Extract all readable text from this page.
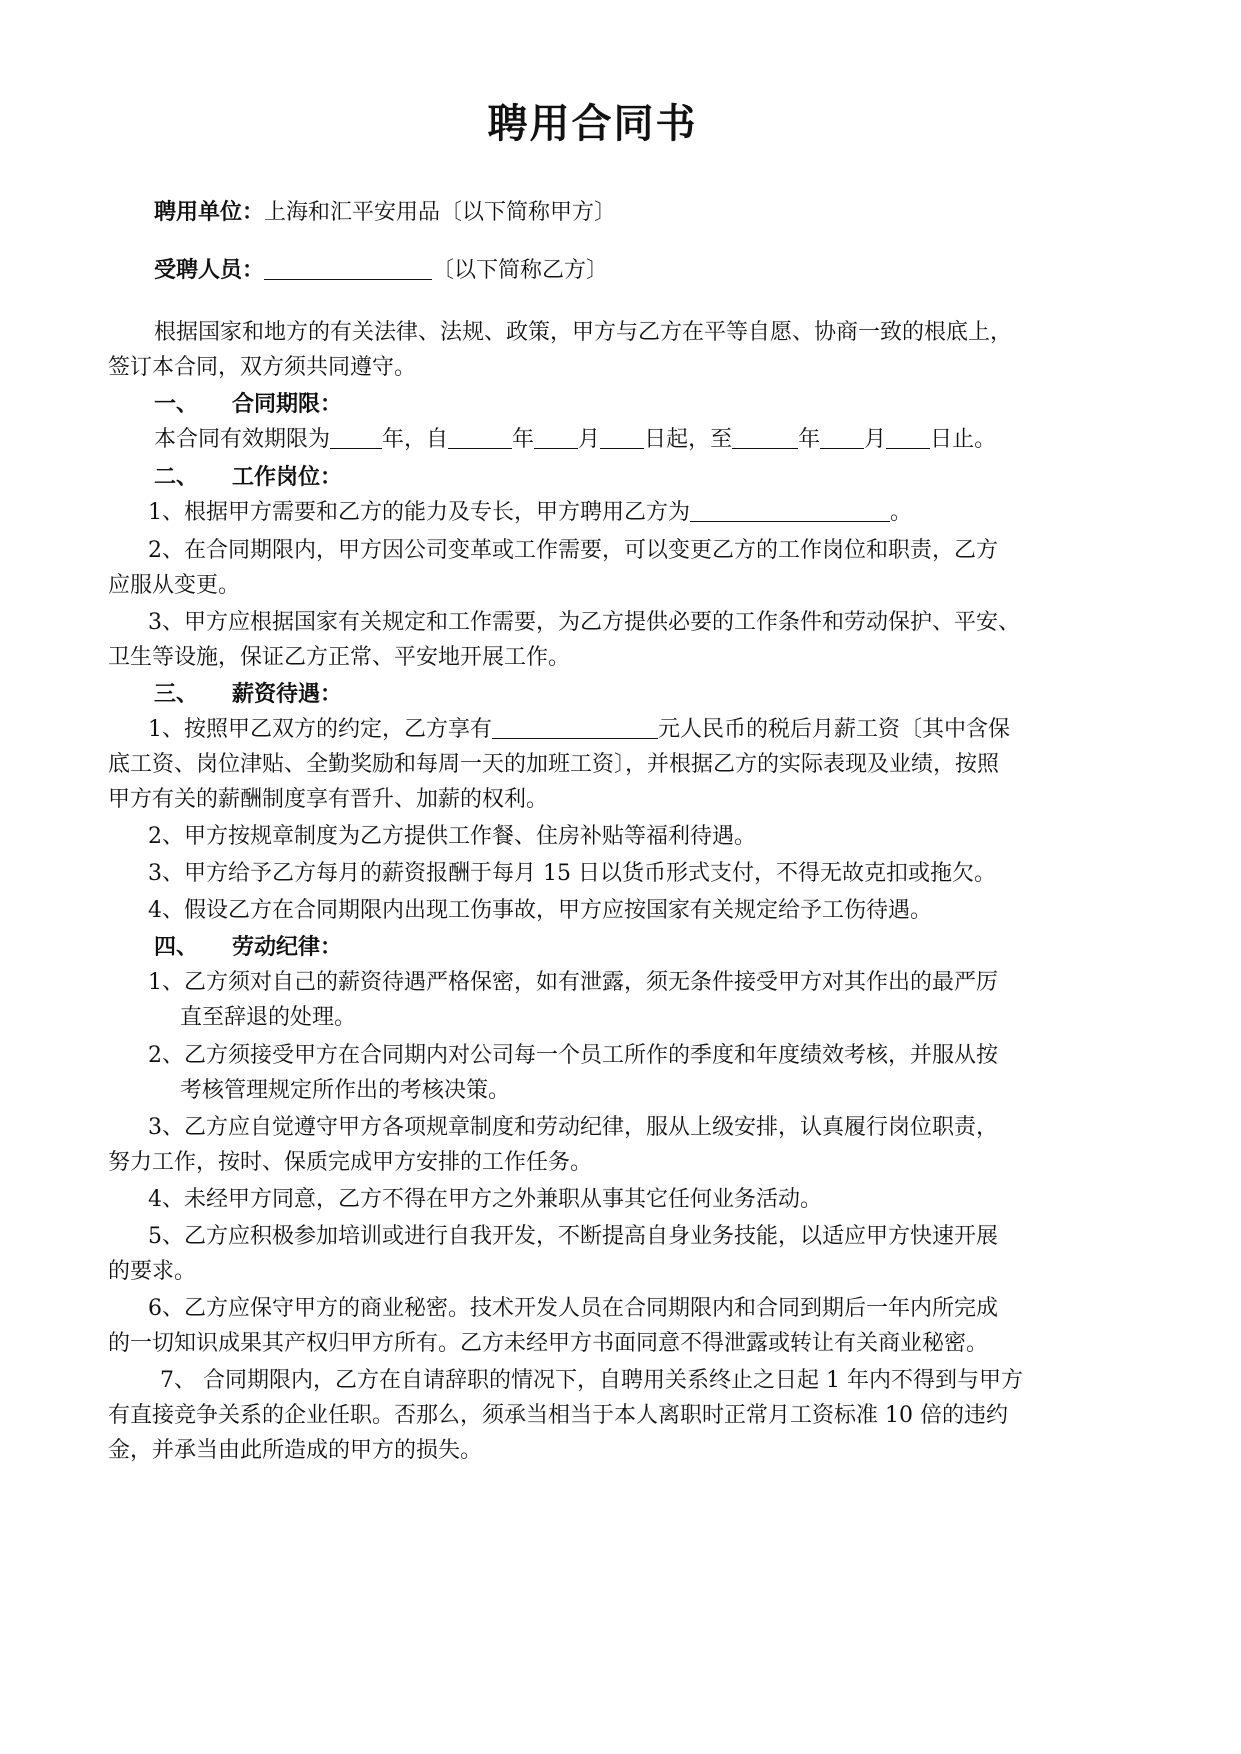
聘用合同书
聘用单位：上海和汇平安用品〔以下简称甲方〕
受聘人员：	〔以下简称乙方〕
根据国家和地方的有关法律、法规、政策，甲方与乙方在平等自愿、协商一致的根底上，
签订本合同，双方须共同遵守。
一、 合同期限：
本合同有效期限为 年，自	年 月 日起，至	年 月 日止。
二、 工作岗位：
1、根据甲方需要和乙方的能力及专长，甲方聘用乙方为	。
2、在合同期限内，甲方因公司变革或工作需要，可以变更乙方的工作岗位和职责，乙方
应服从变更。
3、甲方应根据国家有关规定和工作需要，为乙方提供必要的工作条件和劳动保护、平安、
卫生等设施，保证乙方正常、平安地开展工作。
三、 薪资待遇：
1、按照甲乙双方的约定，乙方享有	元人民币的税后月薪工资〔其中含保
底工资、岗位津贴、全勤奖励和每周一天的加班工资〕，并根据乙方的实际表现及业绩，按照
甲方有关的薪酬制度享有晋升、加薪的权利。
2、甲方按规章制度为乙方提供工作餐、住房补贴等福利待遇。
3、甲方给予乙方每月的薪资报酬于每月 15 日以货币形式支付，不得无故克扣或拖欠。
4、假设乙方在合同期限内出现工伤事故，甲方应按国家有关规定给予工伤待遇。
四、 劳动纪律：
1、乙方须对自己的薪资待遇严格保密，如有泄露，须无条件接受甲方对其作出的最严厉
直至辞退的处理。
2、乙方须接受甲方在合同期内对公司每一个员工所作的季度和年度绩效考核，并服从按
考核管理规定所作出的考核决策。
3、乙方应自觉遵守甲方各项规章制度和劳动纪律，服从上级安排，认真履行岗位职责，
努力工作，按时、保质完成甲方安排的工作任务。
4、未经甲方同意，乙方不得在甲方之外兼职从事其它任何业务活动。
5、乙方应积极参加培训或进行自我开发，不断提高自身业务技能，以适应甲方快速开展
的要求。
6、乙方应保守甲方的商业秘密。技术开发人员在合同期限内和合同到期后一年内所完成
的一切知识成果其产权归甲方所有。乙方未经甲方书面同意不得泄露或转让有关商业秘密。
7、 合同期限内，乙方在自请辞职的情况下，自聘用关系终止之日起 1 年内不得到与甲方
有直接竞争关系的企业任职。否那么，须承当相当于本人离职时正常月工资标准 10 倍的违约
金，并承当由此所造成的甲方的损失。
